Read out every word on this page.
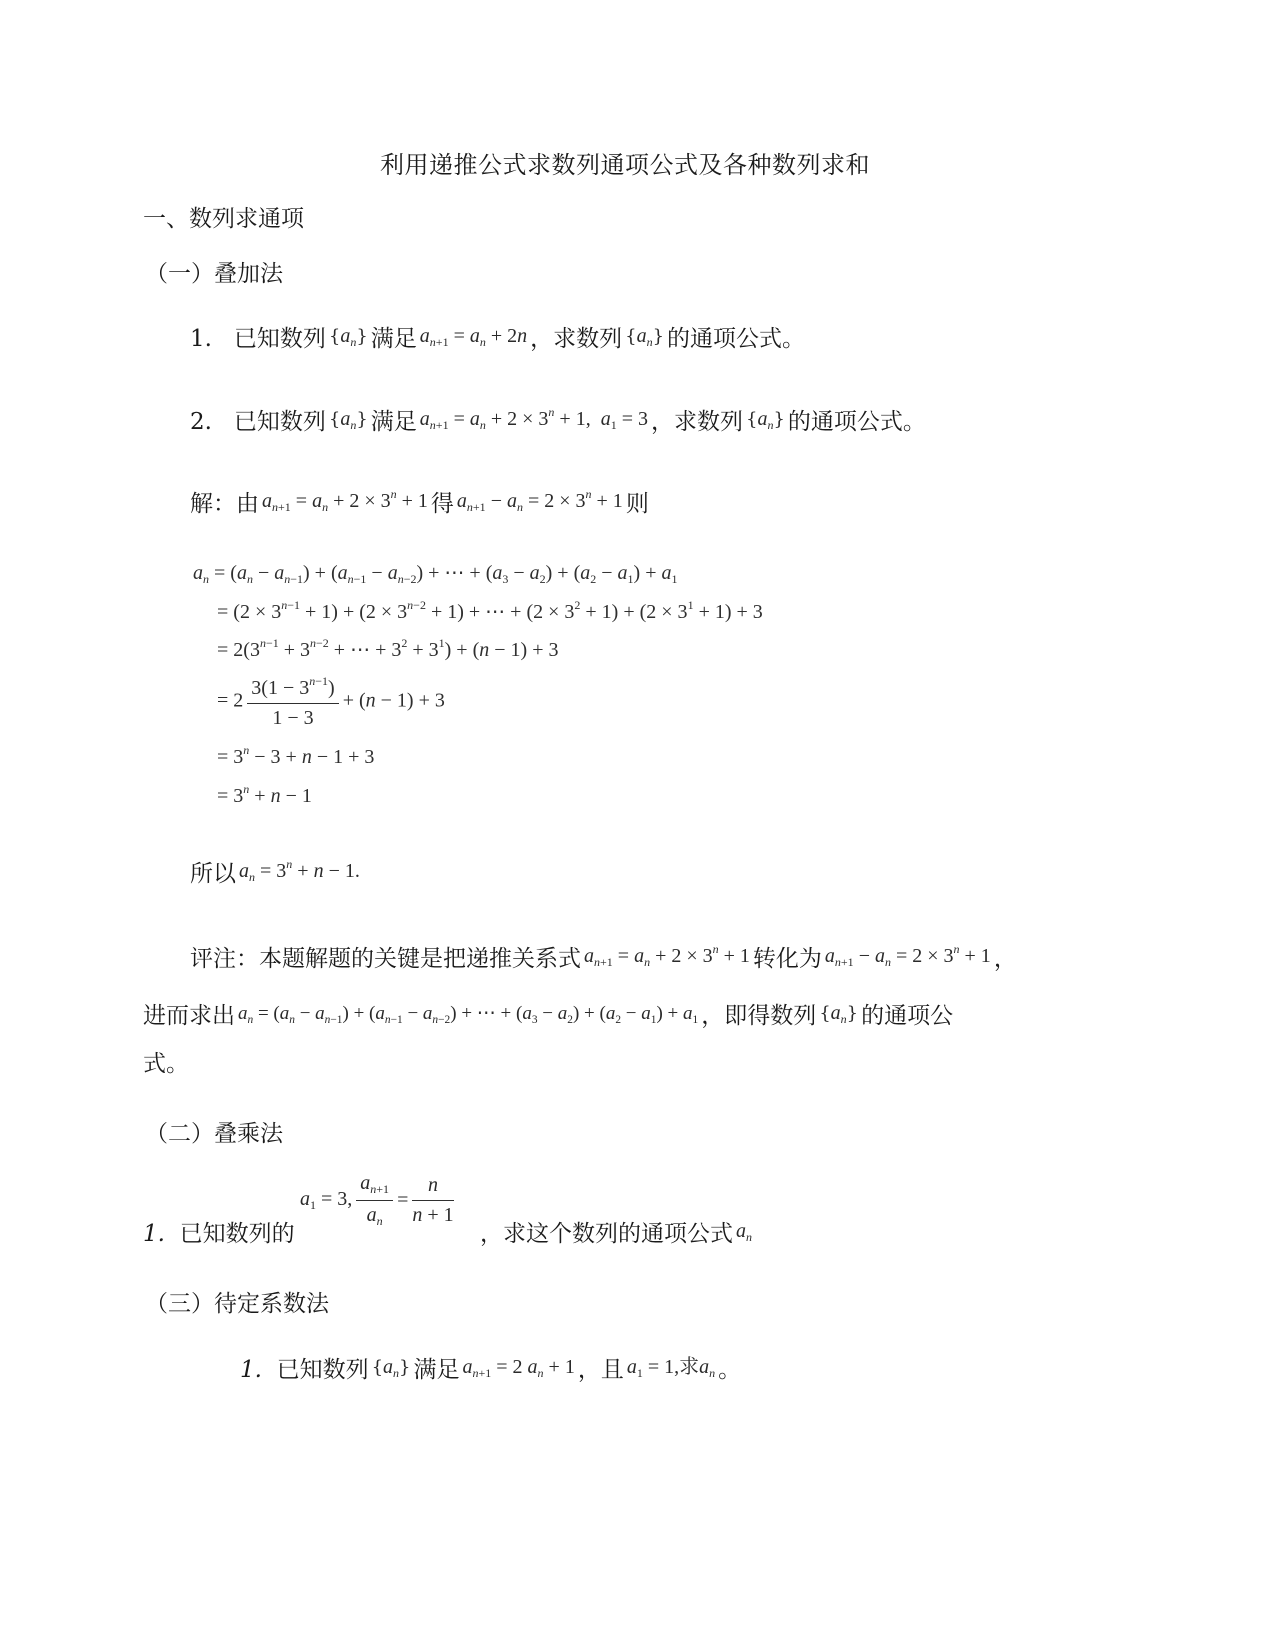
利用递推公式求数列通项公式及各种数列求和
一、数列求通项
（一）叠加法
1. 已知数列 $\{a_n\}$ 满足 $a_{n+1} = a_n + 2n$ ，求数列 $\{a_n\}$ 的通项公式。
2. 已知数列 $\{a_n\}$ 满足 $a_{n+1} = a_n + 2 \times 3^n + 1$,  $a_1 = 3$ ，求数列 $\{a_n\}$ 的通项公式。
解：由 $a_{n+1} = a_n + 2 \times 3^n + 1$ 得 $a_{n+1} - a_n = 2 \times 3^n + 1$ 则
$a_n = (a_n - a_{n-1}) + (a_{n-1} - a_{n-2})$ + ⋯ + $(a_3 - a_2) + (a_2 - a_1) + a_1$
= $(2 \times 3^{n-1} + 1) + (2 \times 3^{n-2} + 1)$ + ⋯ + $(2 \times 3^2 + 1) + (2 \times 3^1 + 1) + 3$
= $2(3^{n-1} + 3^{n-2}$ + ⋯ + $3^2 + 3^1) + (n - 1) + 3$
= $2 \frac{3(1 - 3^{n-1})}{1 - 3} + (n - 1) + 3$
= $3^n - 3 + n - 1 + 3$
= $3^n + n - 1$
所以 $a_n = 3^n + n - 1$.
评注：本题解题的关键是把递推关系式 $a_{n+1} = a_n + 2 \times 3^n + 1$ 转化为 $a_{n+1} - a_n = 2 \times 3^n + 1$ ，
进而求出 $a_n = (a_n - a_{n-1}) + (a_{n-1} - a_{n-2})$ + ⋯ + $(a_3 - a_2) + (a_2 - a_1) + a_1$ ，即得数列 $\{a_n\}$ 的通项公
式。
（二）叠乘法
1. 已知数列的
$a_1 = 3$, $\frac{a_{n+1}}{a_n} = \frac{n}{n + 1}$
，求这个数列的通项公式 $a_n$
（三）待定系数法
1. 已知数列 $\{a_n\}$ 满足 $a_{n+1} = 2$ $a_n + 1$ ，且 $a_1 = 1$,求$a_n$ 。
